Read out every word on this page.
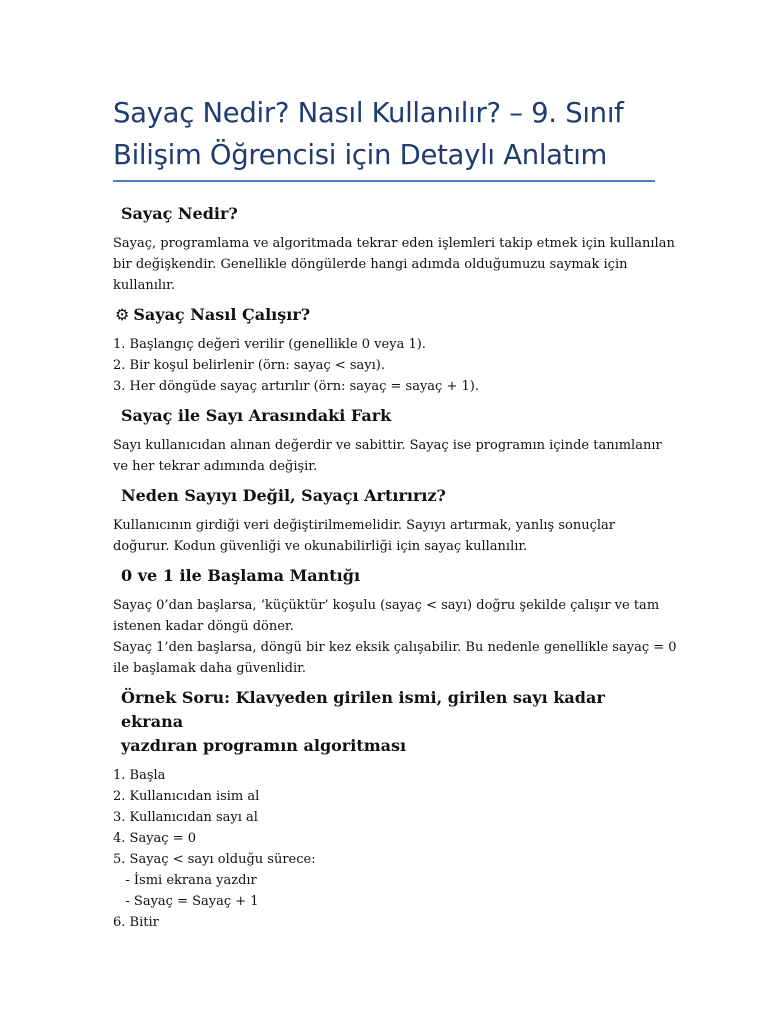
Sayaç Nedir? Nasıl Kullanılır? – 9. Sınıf
Bilişim Öğrencisi için Detaylı Anlatım
Sayaç Nedir?

Sayaç, programlama ve algoritmada tekrar eden işlemleri takip etmek için kullanılan
bir değişkendir. Genellikle döngülerde hangi adımda olduğumuzu saymak için
kullanılır.

⚙ Sayaç Nasıl Çalışır?
1. Başlangıç değeri verilir (genellikle 0 veya 1).
2. Bir koşul belirlenir (örn: sayaç < sayı).
3. Her döngüde sayaç artırılır (örn: sayaç = sayaç + 1).
Sayaç ile Sayı Arasındaki Fark

Sayı kullanıcıdan alınan değerdir ve sabittir. Sayaç ise programın içinde tanımlanır
ve her tekrar adımında değişir.

Neden Sayıyı Değil, Sayaçı Artırırız?

Kullanıcının girdiği veri değiştirilmemelidir. Sayıyı artırmak, yanlış sonuçlar
doğurur. Kodun güvenliği ve okunabilirliği için sayaç kullanılır.

0 ve 1 ile Başlama Mantığı

Sayaç 0’dan başlarsa, ‘küçüktür’ koşulu (sayaç < sayı) doğru şekilde çalışır ve tam
istenen kadar döngü döner.
Sayaç 1’den başlarsa, döngü bir kez eksik çalışabilir. Bu nedenle genellikle sayaç = 0
ile başlamak daha güvenlidir.

Örnek Soru: Klavyeden girilen ismi, girilen sayı kadar ekrana
yazdıran programın algoritması
1. Başla
2. Kullanıcıdan isim al
3. Kullanıcıdan sayı al
4. Sayaç = 0
5. Sayaç < sayı olduğu sürece:
- İsmi ekrana yazdır
- Sayaç = Sayaç + 1
6. Bitir
